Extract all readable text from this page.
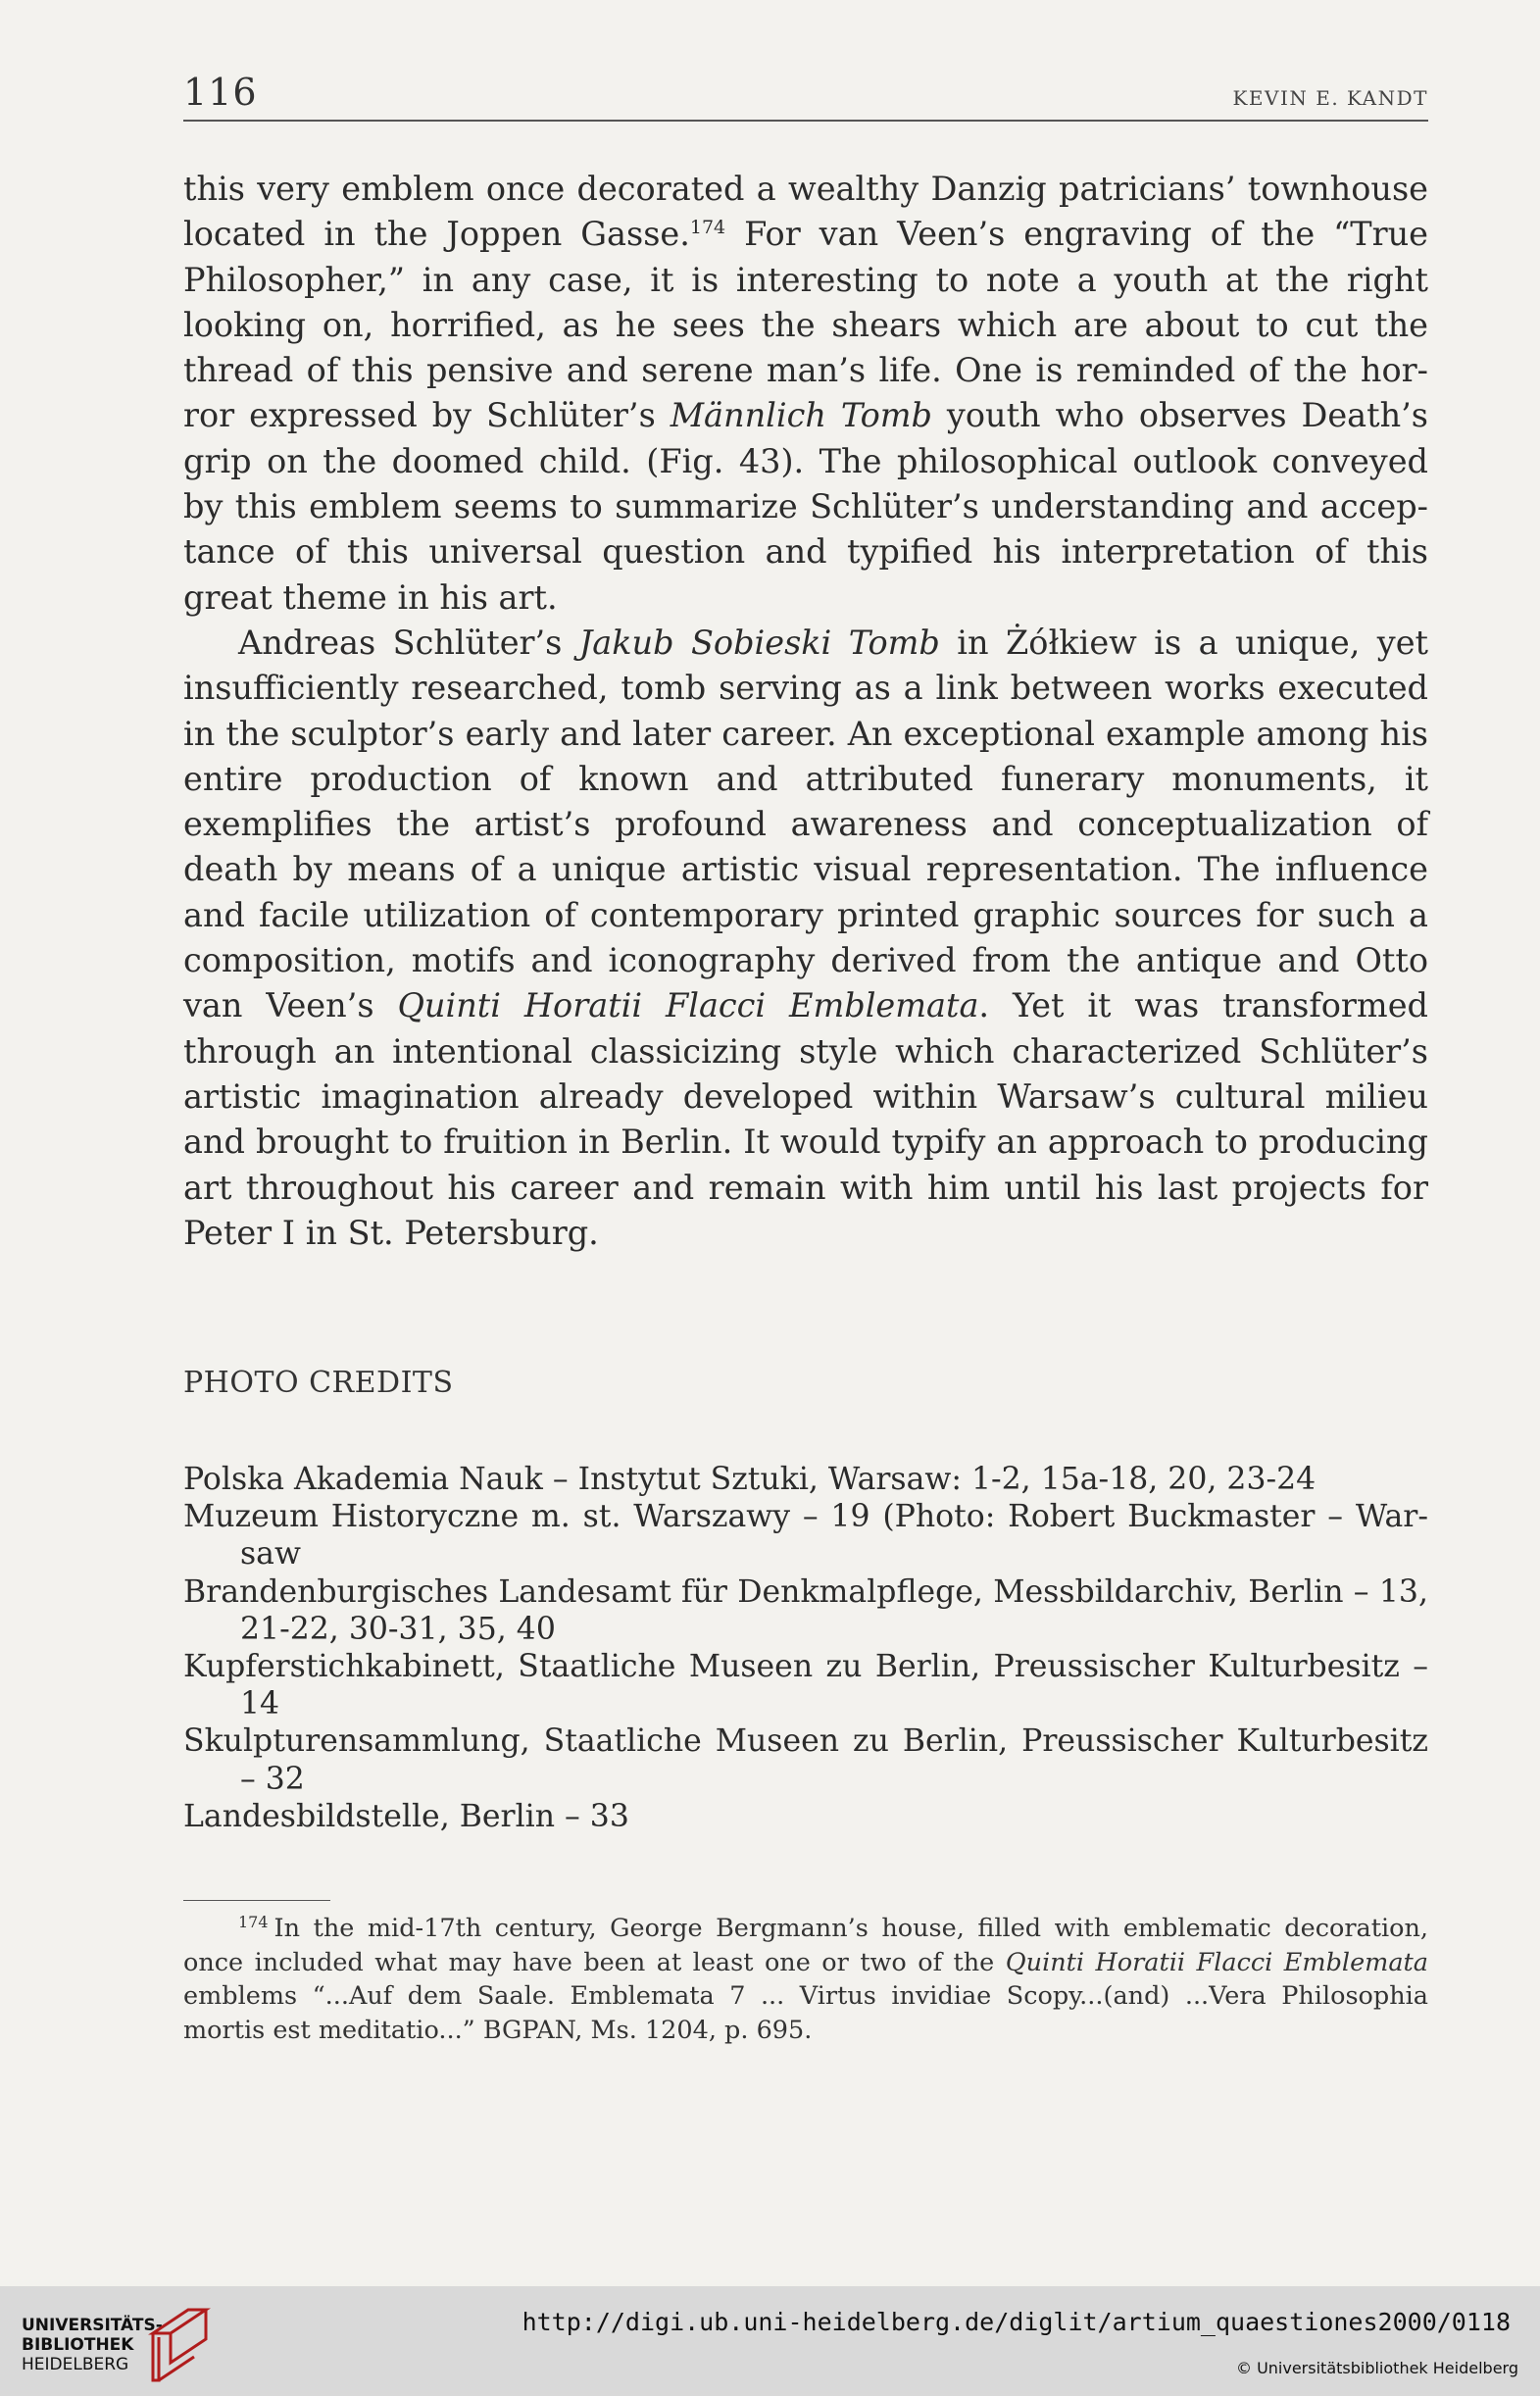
116	KEVIN E. KANDT

this very emblem once decorated a wealthy Danzig patricians’ townhouse located in the Joppen Gasse.$^{174}$ For van Veen’s engraving of the “True Philosopher,” in any case, it is interesting to note a youth at the right looking on, horrified, as he sees the shears which are about to cut the thread of this pensive and serene man’s life. One is reminded of the horror expressed by Schlüter’s Männlich Tomb youth who observes Death’s grip on the doomed child. (Fig. 43). The philosophical outlook conveyed by this emblem seems to summarize Schlüter’s understanding and acceptance of this universal question and typified his interpretation of this great theme in his art.

Andreas Schlüter’s Jakub Sobieski Tomb in Żółkiew is a unique, yet insufficiently researched, tomb serving as a link between works executed in the sculptor’s early and later career. An exceptional example among his entire production of known and attributed funerary monuments, it exemplifies the artist’s profound awareness and conceptualization of death by means of a unique artistic visual representation. The influence and facile utilization of contemporary printed graphic sources for such a composition, motifs and iconography derived from the antique and Otto van Veen’s Quinti Horatii Flacci Emblemata. Yet it was transformed through an intentional classicizing style which characterized Schlüter’s artistic imagination already developed within Warsaw’s cultural milieu and brought to fruition in Berlin. It would typify an approach to producing art throughout his career and remain with him until his last projects for Peter I in St. Petersburg.

PHOTO CREDITS
Polska Akademia Nauk – Instytut Sztuki, Warsaw: 1-2, 15a-18, 20, 23-24
Muzeum Historyczne m. st. Warszawy – 19 (Photo: Robert Buckmaster – Warsaw
Brandenburgisches Landesamt für Denkmalpflege, Messbildarchiv, Berlin – 13, 21-22, 30-31, 35, 40
Kupferstichkabinett, Staatliche Museen zu Berlin, Preussischer Kulturbesitz – 14
Skulpturensammlung, Staatliche Museen zu Berlin, Preussischer Kulturbesitz – 32
Landesbildstelle, Berlin – 33
$^{174}$ In the mid-17th century, George Bergmann’s house, filled with emblematic decoration, once included what may have been at least one or two of the Quinti Horatii Flacci Emblemata emblems “...Auf dem Saale. Emblemata 7 ... Virtus invidiae Scopy...(and) ...Vera Philosophia mortis est meditatio...” BGPAN, Ms. 1204, p. 695.
UNIVERSITÄTS-
BIBLIOTHEK
HEIDELBERG
http://digi.ub.uni-heidelberg.de/diglit/artium_quaestiones2000/0118
© Universitätsbibliothek Heidelberg
